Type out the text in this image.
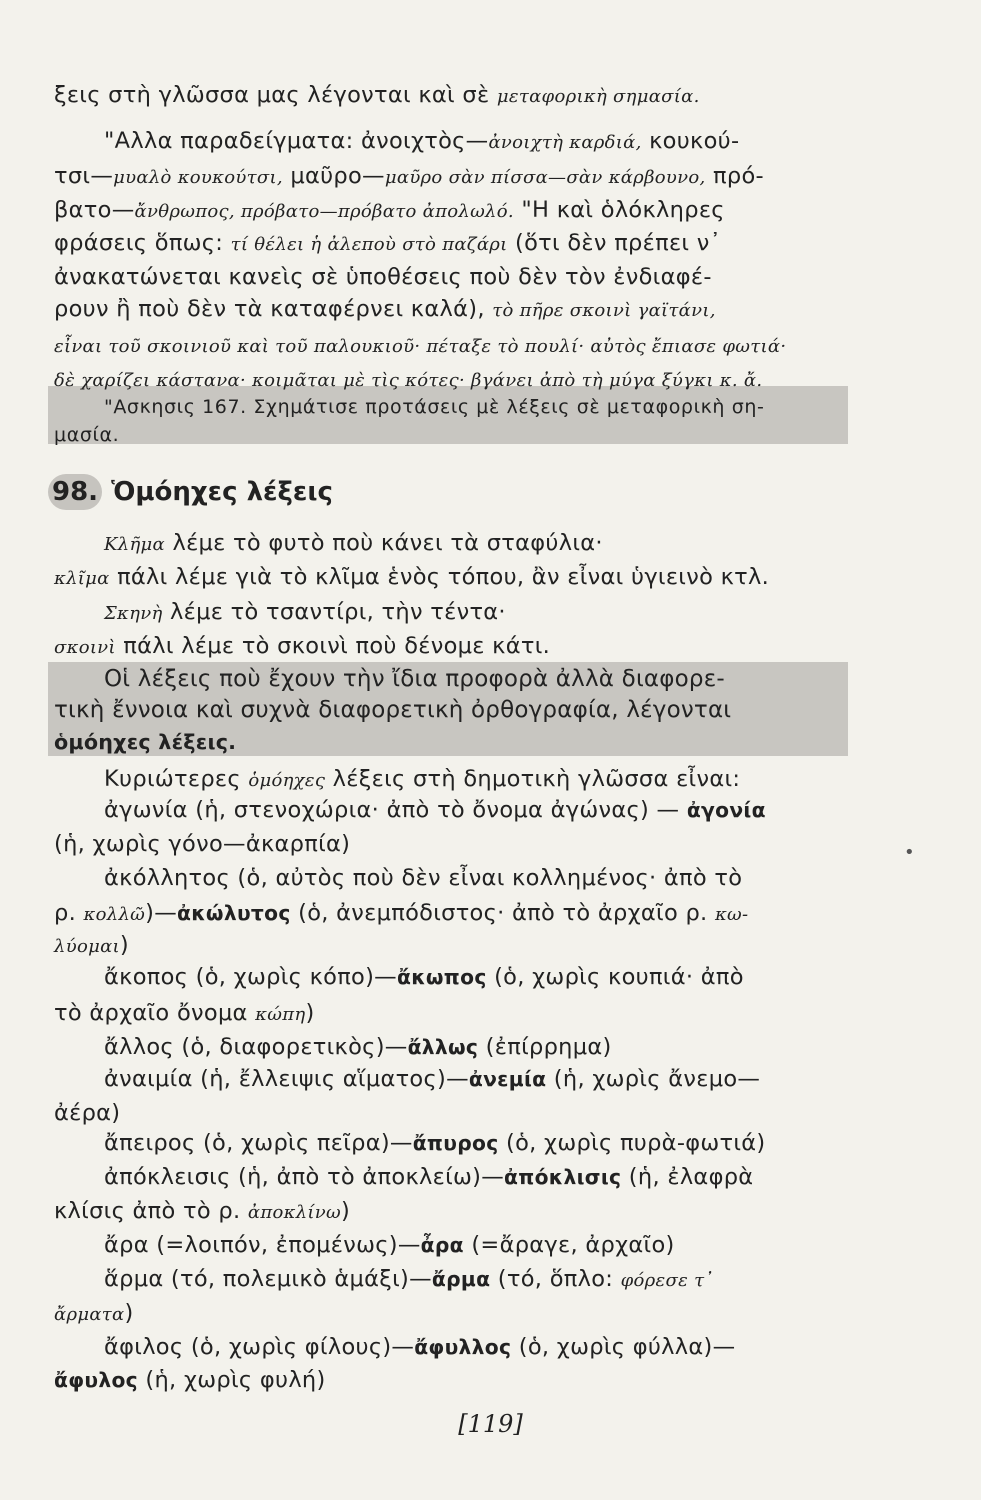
ξεις στὴ γλῶσσα μας λέγονται καὶ σὲ μεταφορικὴ σημασία.
"Αλλα παραδείγματα: ἀνοιχτὸς—ἀνοιχτὴ καρδιά, κουκού-
τσι—μυαλὸ κουκούτσι, μαῦρο—μαῦρο σὰν πίσσα—σὰν κάρβουνο, πρό-
βατο—ἄνθρωπος, πρόβατο—πρόβατο ἀπολωλό. "Η καὶ ὁλόκληρες
φράσεις ὅπως: τί θέλει ἡ ἀλεποὺ στὸ παζάρι (ὅτι δὲν πρέπει ν᾽
ἀνακατώνεται κανεὶς σὲ ὑποθέσεις ποὺ δὲν τὸν ἐνδιαφέ-
ρουν ἢ ποὺ δὲν τὰ καταφέρνει καλά), τὸ πῆρε σκοινὶ γαϊτάνι,
εἶναι τοῦ σκοινιοῦ καὶ τοῦ παλουκιοῦ· πέταξε τὸ πουλί· αὐτὸς ἔπιασε φωτιά·
δὲ χαρίζει κάστανα· κοιμᾶται μὲ τὶς κότες· βγάνει ἀπὸ τὴ μύγα ξύγκι κ. ἄ.
"Ασκησις 167. Σχημάτισε προτάσεις μὲ λέξεις σὲ μεταφορικὴ ση-
μασία.
98. Ὁμόηχες λέξεις
Κλῆμα λέμε τὸ φυτὸ ποὺ κάνει τὰ σταφύλια·
κλῖμα πάλι λέμε γιὰ τὸ κλῖμα ἑνὸς τόπου, ἂν εἶναι ὑγιεινὸ κτλ.
Σκηνὴ λέμε τὸ τσαντίρι, τὴν τέντα·
σκοινὶ πάλι λέμε τὸ σκοινὶ ποὺ δένομε κάτι.
Οἱ λέξεις ποὺ ἔχουν τὴν ἴδια προφορὰ ἀλλὰ διαφορε-
τικὴ ἔννοια καὶ συχνὰ διαφορετικὴ ὀρθογραφία, λέγονται
ὁμόηχες λέξεις.
Κυριώτερες ὁμόηχες λέξεις στὴ δημοτικὴ γλῶσσα εἶναι:
ἀγωνία (ἡ, στενοχώρια· ἀπὸ τὸ ὄνομα ἀγώνας) — ἀγονία
(ἡ, χωρὶς γόνο—ἀκαρπία)
ἀκόλλητος (ὁ, αὐτὸς ποὺ δὲν εἶναι κολλημένος· ἀπὸ τὸ
ρ. κολλῶ)—ἀκώλυτος (ὁ, ἀνεμπόδιστος· ἀπὸ τὸ ἀρχαῖο ρ. κω-
λύομαι)
ἄκοπος (ὁ, χωρὶς κόπο)—ἄκωπος (ὁ, χωρὶς κουπιά· ἀπὸ
τὸ ἀρχαῖο ὄνομα κώπη)
ἄλλος (ὁ, διαφορετικὸς)—ἄλλως (ἐπίρρημα)
ἀναιμία (ἡ, ἔλλειψις αἵματος)—ἀνεμία (ἡ, χωρὶς ἄνεμο—
ἀέρα)
ἄπειρος (ὁ, χωρὶς πεῖρα)—ἄπυρος (ὁ, χωρὶς πυρὰ-φωτιά)
ἀπόκλεισις (ἡ, ἀπὸ τὸ ἀποκλείω)—ἀπόκλισις (ἡ, ἐλαφρὰ
κλίσις ἀπὸ τὸ ρ. ἀποκλίνω)
ἄρα (=λοιπόν, ἐπομένως)—ἆρα (=ἄραγε, ἀρχαῖο)
ἅρμα (τό, πολεμικὸ ἁμάξι)—ἄρμα (τό, ὅπλο: φόρεσε τ᾽
ἄρματα)
ἄφιλος (ὁ, χωρὶς φίλους)—ἄφυλλος (ὁ, χωρὶς φύλλα)—
ἄφυλος (ἡ, χωρὶς φυλή)
•
[119]
